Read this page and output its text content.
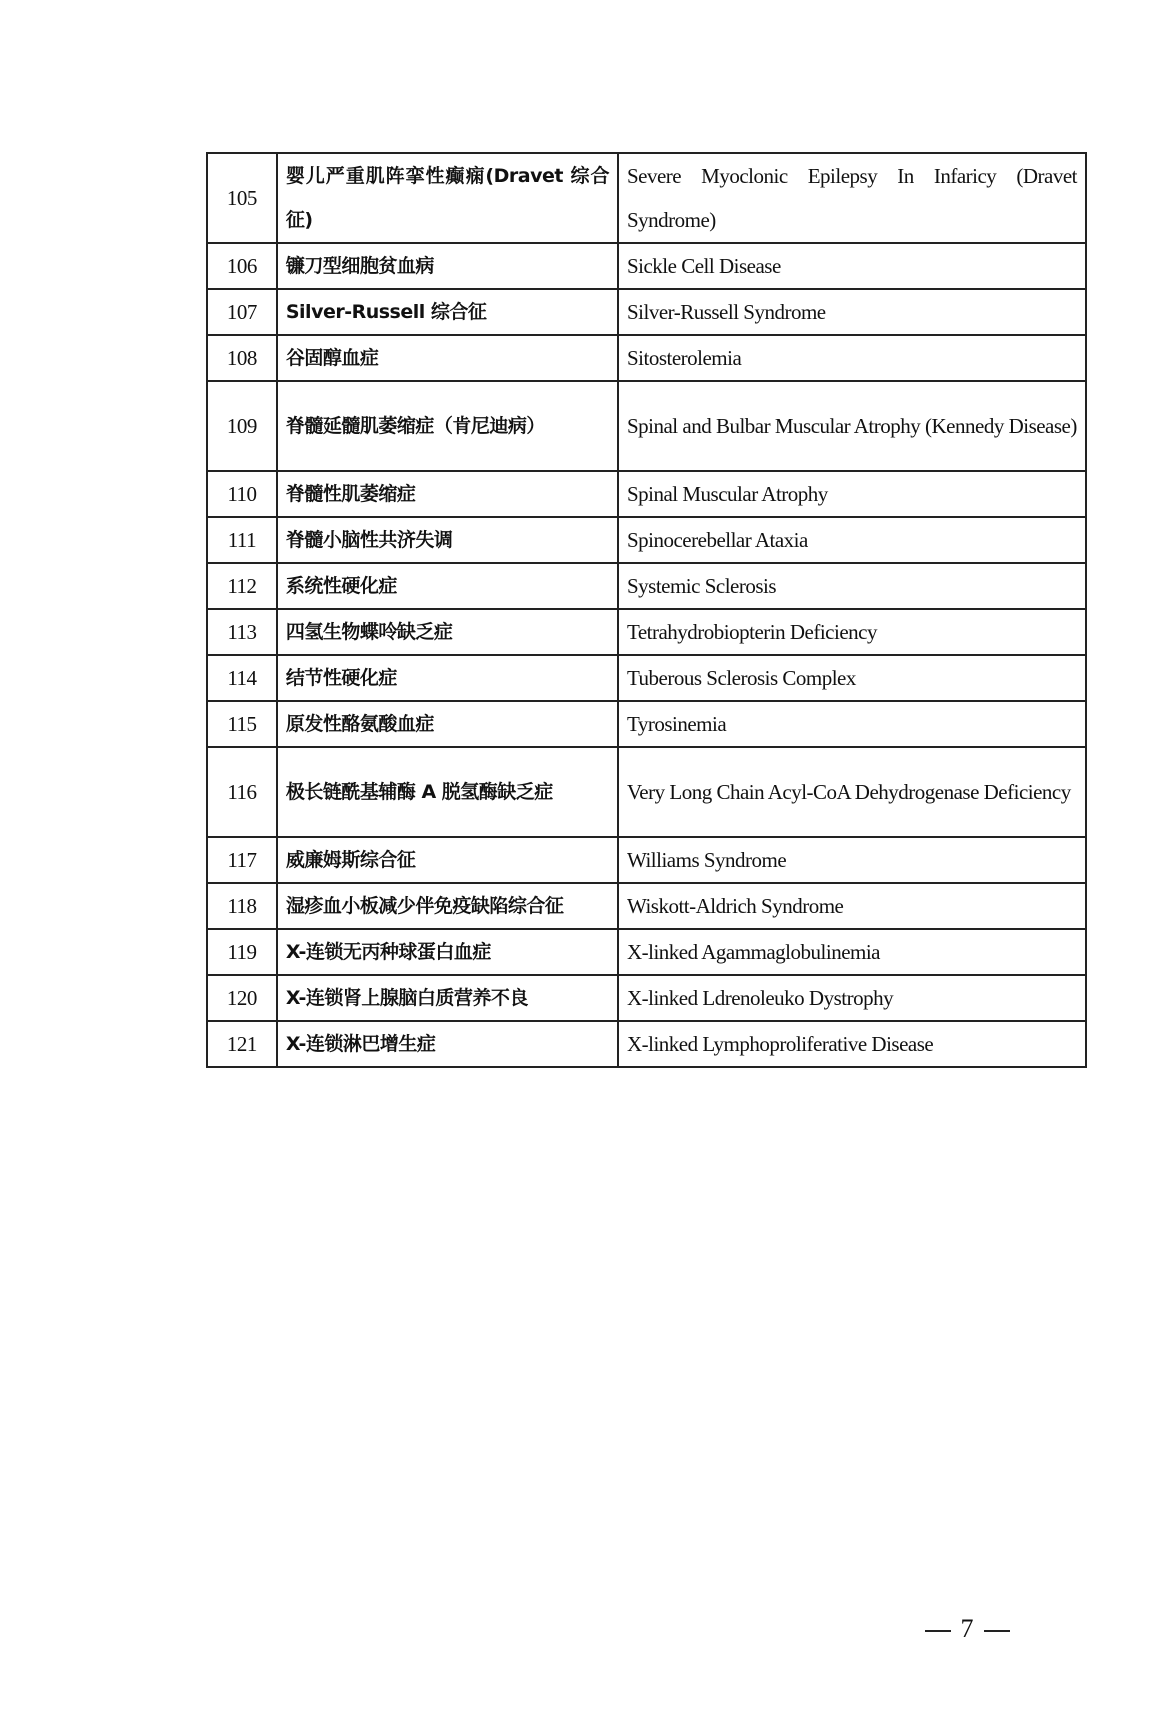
105	婴儿严重肌阵挛性癫痫(Dravet 综合征)	Severe Myoclonic Epilepsy In Infaricy (Dravet Syndrome)
106	镰刀型细胞贫血病	Sickle Cell Disease
107	Silver-Russell 综合征	Silver-Russell Syndrome
108	谷固醇血症	Sitosterolemia
109	脊髓延髓肌萎缩症（肯尼迪病）	Spinal and Bulbar Muscular Atrophy (Kennedy Disease)
110	脊髓性肌萎缩症	Spinal Muscular Atrophy
111	脊髓小脑性共济失调	Spinocerebellar Ataxia
112	系统性硬化症	Systemic Sclerosis
113	四氢生物蝶呤缺乏症	Tetrahydrobiopterin Deficiency
114	结节性硬化症	Tuberous Sclerosis Complex
115	原发性酪氨酸血症	Tyrosinemia
116	极长链酰基辅酶 A 脱氢酶缺乏症	Very Long Chain Acyl-CoA Dehydrogenase Deficiency
117	威廉姆斯综合征	Williams Syndrome
118	湿疹血小板减少伴免疫缺陷综合征	Wiskott-Aldrich Syndrome
119	X-连锁无丙种球蛋白血症	X-linked Agammaglobulinemia
120	X-连锁肾上腺脑白质营养不良	X-linked Ldrenoleuko Dystrophy
121	X-连锁淋巴增生症	X-linked Lymphoproliferative Disease
7
